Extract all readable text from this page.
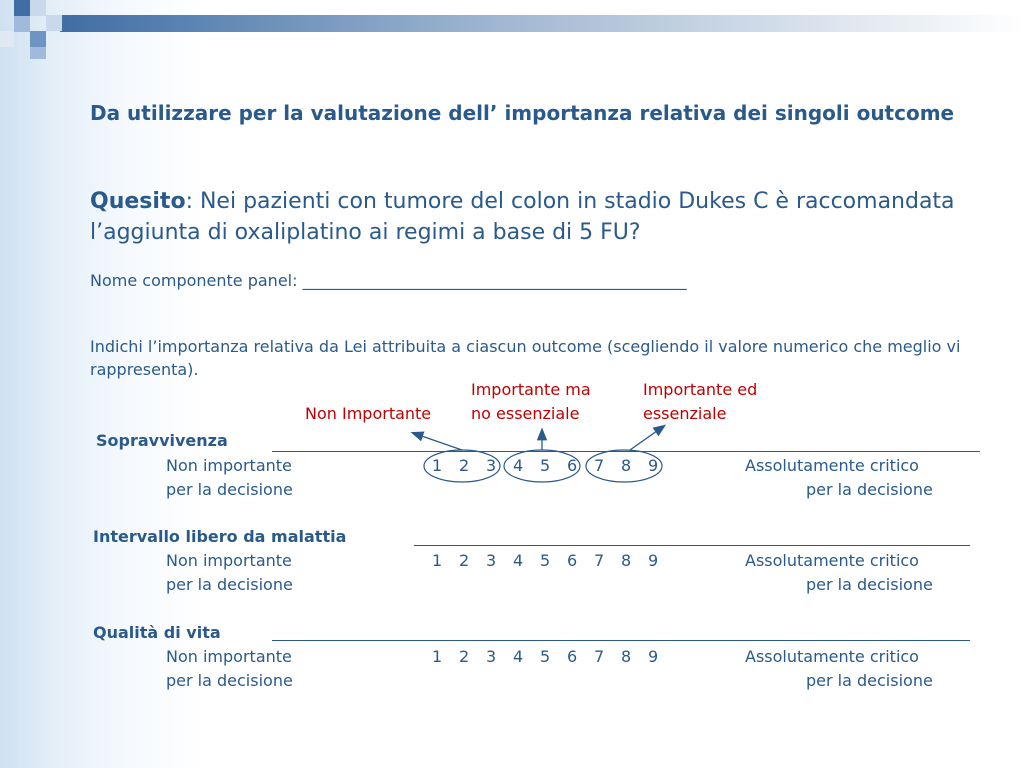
Da utilizzare per la valutazione dell’ importanza relativa dei singoli outcome
Quesito: Nei pazienti con tumore del colon in stadio Dukes C è raccomandata l’aggiunta di oxaliplatino ai regimi a base di 5 FU?
Nome componente panel: ________________________________________________
Indichi l’importanza relativa da Lei attribuita a ciascun outcome (scegliendo il valore numerico che meglio vi rappresenta).
Importante ma	Importante ed
Non Importante no essenziale	essenziale
Sopravvivenza
Non importante
per la decisione
1	2	3	4	5	6	7	8	9	Assolutamente critico
per la decisione
Intervallo libero da malattia
Non importante
per la decisione
1	2	3	4	5	6	7	8	9	Assolutamente critico
per la decisione
Qualità di vita
Non importante
per la decisione
1	2	3	4	5	6	7	8	9	Assolutamente critico
per la decisione
